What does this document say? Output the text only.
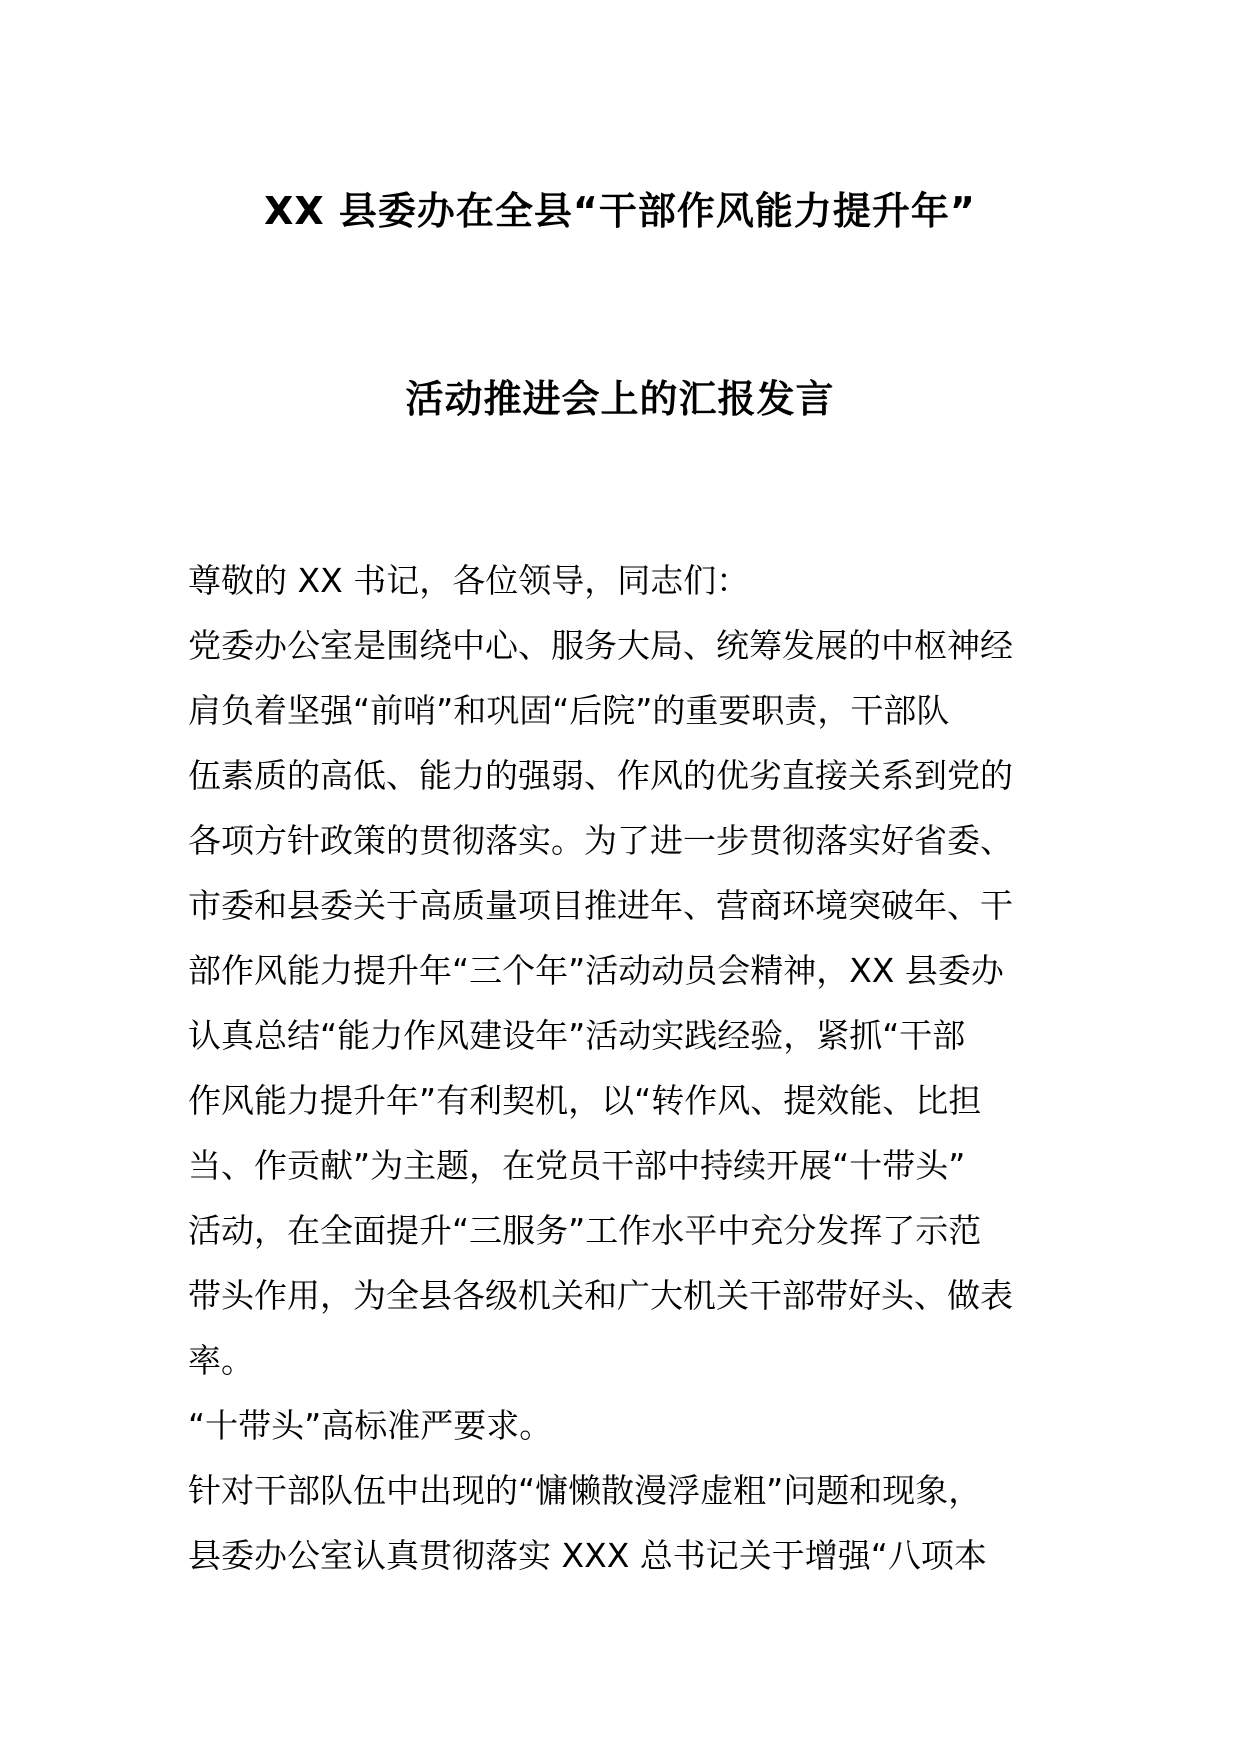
XX 县委办在全县“干部作风能力提升年”
活动推进会上的汇报发言
尊敬的 XX 书记，各位领导，同志们：
党委办公室是围绕中心、服务大局、统筹发展的中枢神经
肩负着坚强“前哨”和巩固“后院”的重要职责，干部队
伍素质的高低、能力的强弱、作风的优劣直接关系到党的
各项方针政策的贯彻落实。为了进一步贯彻落实好省委、
市委和县委关于高质量项目推进年、营商环境突破年、干
部作风能力提升年“三个年”活动动员会精神，XX 县委办
认真总结“能力作风建设年”活动实践经验，紧抓“干部
作风能力提升年”有利契机，以“转作风、提效能、比担
当、作贡献”为主题，在党员干部中持续开展“十带头”
活动，在全面提升“三服务”工作水平中充分发挥了示范
带头作用，为全县各级机关和广大机关干部带好头、做表
率。
“十带头”高标准严要求。
针对干部队伍中出现的“慵懒散漫浮虚粗”问题和现象，
县委办公室认真贯彻落实 XXX 总书记关于增强“八项本
